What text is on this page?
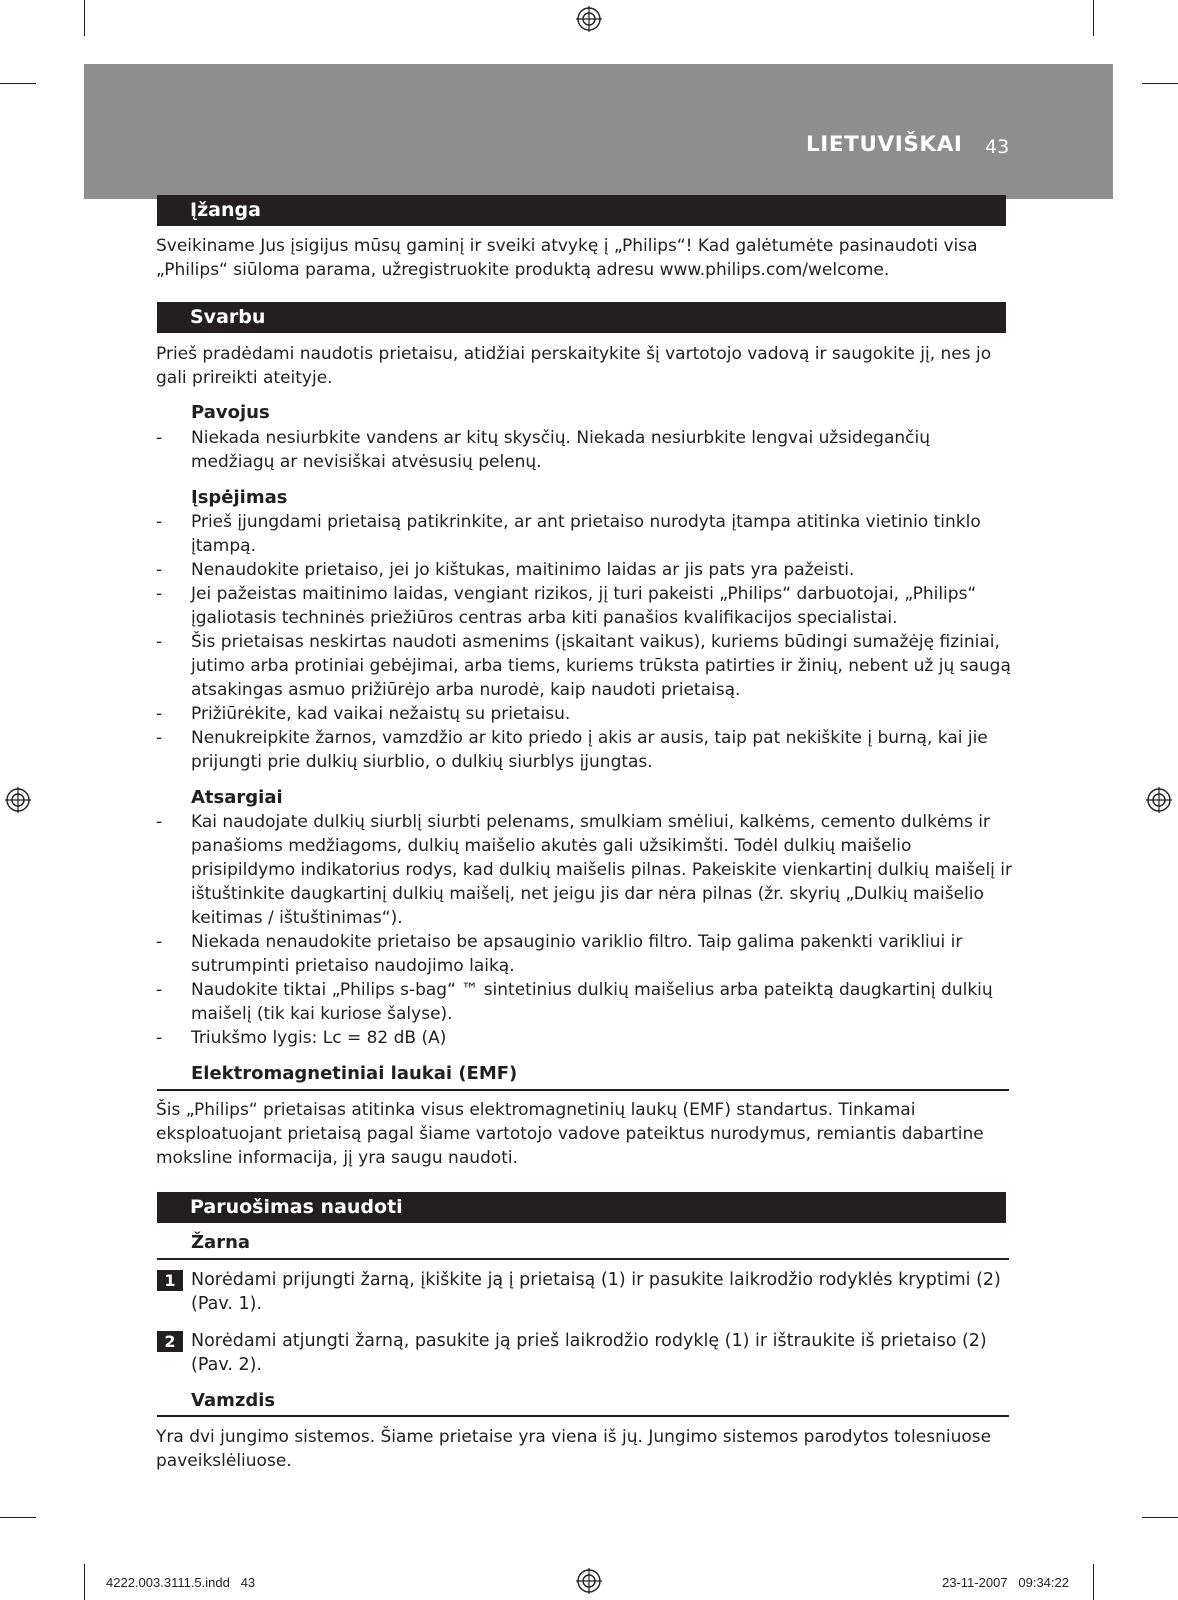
LIETUVIŠKAI 43
Įžanga

Sveikiname Jus įsigijus mūsų gaminį ir sveiki atvykę į „Philips“! Kad galėtumėte pasinaudoti visa „Philips“ siūloma parama, užregistruokite produktą adresu www.philips.com/welcome.

Svarbu

Prieš pradėdami naudotis prietaisu, atidžiai perskaitykite šį vartotojo vadovą ir saugokite jį, nes jo gali prireikti ateityje.

Pavojus
- Niekada nesiurbkite vandens ar kitų skysčių. Niekada nesiurbkite lengvai užsidegančių medžiagų ar nevisiškai atvėsusių pelenų.

Įspėjimas
- Prieš įjungdami prietaisą patikrinkite, ar ant prietaiso nurodyta įtampa atitinka vietinio tinklo įtampą.

- Nenaudokite prietaiso, jei jo kištukas, maitinimo laidas ar jis pats yra pažeisti.

- Jei pažeistas maitinimo laidas, vengiant rizikos, jį turi pakeisti „Philips“ darbuotojai, „Philips“ įgaliotasis techninės priežiūros centras arba kiti panašios kvalifikacijos specialistai.

- Šis prietaisas neskirtas naudoti asmenims (įskaitant vaikus), kuriems būdingi sumažėję fiziniai, jutimo arba protiniai gebėjimai, arba tiems, kuriems trūksta patirties ir žinių, nebent už jų saugą atsakingas asmuo prižiūrėjo arba nurodė, kaip naudoti prietaisą.

- Prižiūrėkite, kad vaikai nežaistų su prietaisu.

- Nenukreipkite žarnos, vamzdžio ar kito priedo į akis ar ausis, taip pat nekiškite į burną, kai jie prijungti prie dulkių siurblio, o dulkių siurblys įjungtas.

Atsargiai
- Kai naudojate dulkių siurblį siurbti pelenams, smulkiam smėliui, kalkėms, cemento dulkėms ir panašioms medžiagoms, dulkių maišelio akutės gali užsikimšti. Todėl dulkių maišelio prisipildymo indikatorius rodys, kad dulkių maišelis pilnas. Pakeiskite vienkartinį dulkių maišelį ir ištuštinkite daugkartinį dulkių maišelį, net jeigu jis dar nėra pilnas (žr. skyrių „Dulkių maišelio keitimas / ištuštinimas“).

- Niekada nenaudokite prietaiso be apsauginio variklio filtro. Taip galima pakenkti varikliui ir sutrumpinti prietaiso naudojimo laiką.

- Naudokite tiktai „Philips s-bag“ ™ sintetinius dulkių maišelius arba pateiktą daugkartinį dulkių maišelį (tik kai kuriose šalyse).

- Triukšmo lygis: Lc = 82 dB (A)

Elektromagnetiniai laukai (EMF)

Šis „Philips“ prietaisas atitinka visus elektromagnetinių laukų (EMF) standartus. Tinkamai eksploatuojant prietaisą pagal šiame vartotojo vadove pateiktus nurodymus, remiantis dabartine moksline informacija, jį yra saugu naudoti.

Paruošimas naudoti
Žarna
1 Norėdami prijungti žarną, įkiškite ją į prietaisą (1) ir pasukite laikrodžio rodyklės kryptimi (2) (Pav. 1).

2 Norėdami atjungti žarną, pasukite ją prieš laikrodžio rodyklę (1) ir ištraukite iš prietaiso (2) (Pav. 2).

Vamzdis

Yra dvi jungimo sistemos. Šiame prietaise yra viena iš jų. Jungimo sistemos parodytos tolesniuose paveikslėliuose.

4222.003.3111.5.indd   43	23-11-2007   09:34:22
